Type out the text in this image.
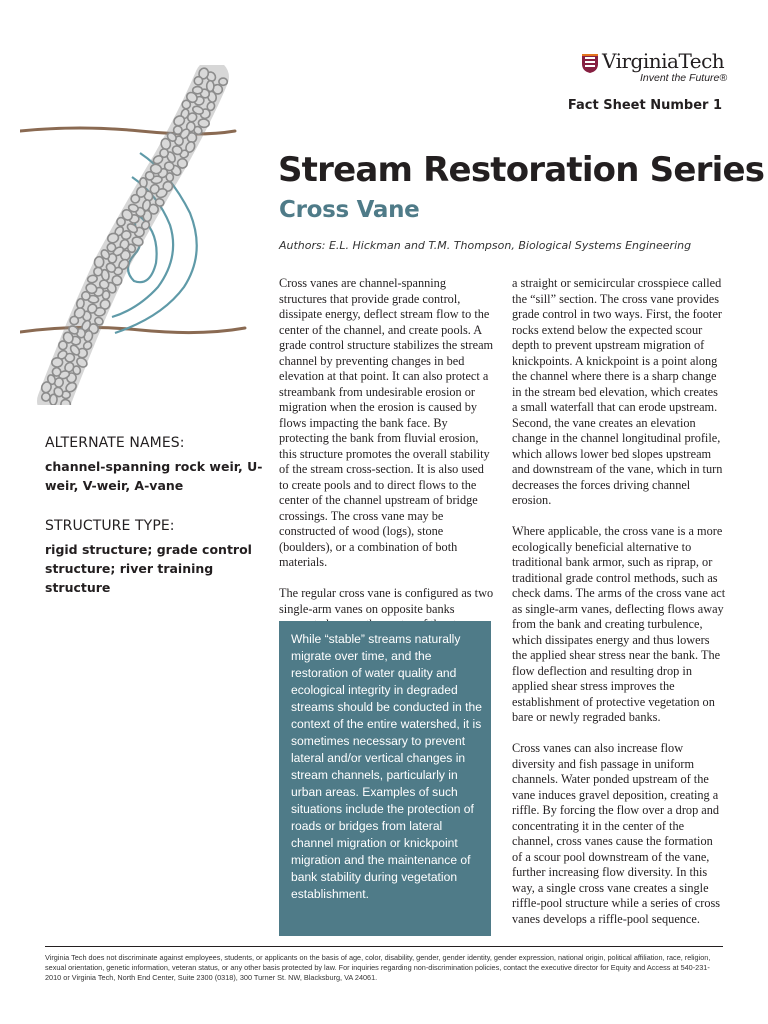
VirginiaTech
Invent the Future®
Fact Sheet Number 1
Stream Restoration Series
Cross Vane
Authors: E.L. Hickman and T.M. Thompson, Biological Systems Engineering
ALTERNATE NAMES:
channel-spanning rock weir, U-weir, V-weir, A-vane
STRUCTURE TYPE:
rigid structure; grade control structure; river training structure

Cross vanes are channel-spanning structures that provide grade control, dissipate energy, deflect stream flow to the center of the channel, and create pools. A grade control structure stabilizes the stream channel by preventing changes in bed elevation at that point. It can also protect a streambank from undesirable erosion or migration when the erosion is caused by flows impacting the bank face. By protecting the bank from fluvial erosion, this structure promotes the overall stability of the stream cross-section. It is also used to create pools and to direct flows to the center of the channel upstream of bridge crossings. The cross vane may be constructed of wood (logs), stone (boulders), or a combination of both materials.

The regular cross vane is configured as two single-arm vanes on opposite banks

a straight or semicircular crosspiece called the “sill” section. The cross vane provides grade control in two ways. First, the footer rocks extend below the expected scour depth to prevent upstream migration of knickpoints. A knickpoint is a point along the channel where there is a sharp change in the stream bed elevation, which creates a small waterfall that can erode upstream. Second, the vane creates an elevation change in the channel longitudinal profile, which allows lower bed slopes upstream and downstream of the vane, which in turn decreases the forces driving channel erosion.

Where applicable, the cross vane is a more ecologically beneficial alternative to traditional bank armor, such as riprap, or traditional grade control methods, such as check dams. The arms of the cross vane act as single-arm vanes, deflecting flows away from the bank and creating turbulence, which dissipates energy and thus lowers the applied shear stress near the bank. The flow deflection and resulting drop in applied shear stress improves the establishment of protective vegetation on bare or newly regraded banks.

Cross vanes can also increase flow diversity and fish passage in uniform channels. Water ponded upstream of the vane induces gravel deposition, creating a riffle. By forcing the flow over a drop and concentrating it in the center of the channel, cross vanes cause the formation of a scour pool downstream of the vane, further increasing flow diversity. In this way, a single cross vane creates a single riffle-pool structure while a series of cross vanes develops a riffle-pool sequence.

While “stable” streams naturally migrate over time, and the restoration of water quality and ecological integrity in degraded streams should be conducted in the context of the entire watershed, it is sometimes necessary to prevent lateral and/or vertical changes in stream channels, particularly in urban areas. Examples of such situations include the protection of roads or bridges from lateral channel migration or knickpoint migration and the maintenance of bank stability during vegetation establishment.
Virginia Tech does not discriminate against employees, students, or applicants on the basis of age, color, disability, gender, gender identity, gender expression, national origin, political affiliation, race, religion, sexual orientation, genetic information, veteran status, or any other basis protected by law. For inquiries regarding non-discrimination policies, contact the executive director for Equity and Access at 540-231-2010 or Virginia Tech, North End Center, Suite 2300 (0318), 300 Turner St. NW, Blacksburg, VA 24061.
